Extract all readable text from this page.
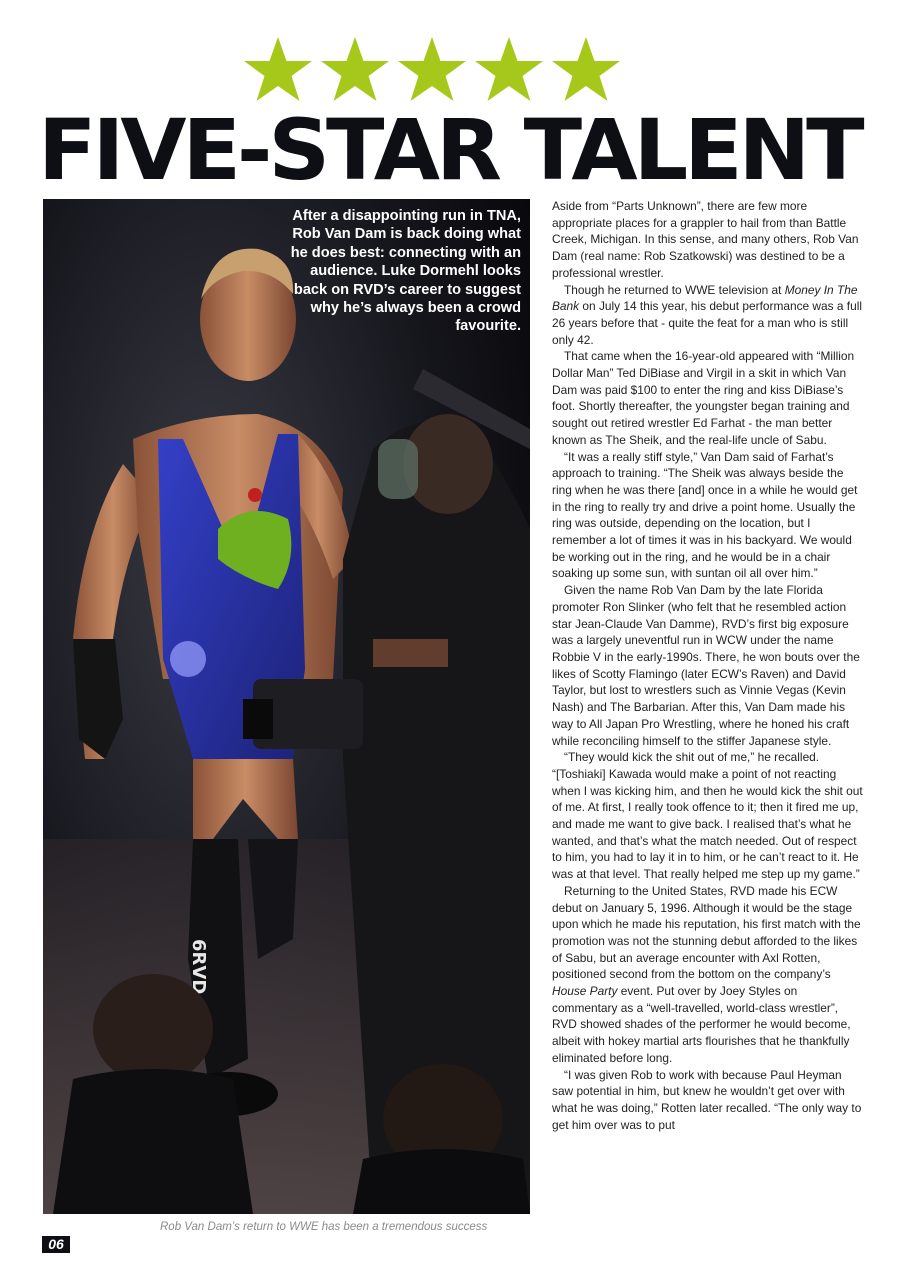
FIVE-STAR TALENT
6RVD

After a disappointing run in TNA, Rob Van Dam is back doing what he does best: connecting with an audience. Luke Dormehl looks back on RVD’s career to suggest why he’s always been a crowd favourite.

Rob Van Dam’s return to WWE has been a tremendous success

06

Aside from “Parts Unknown”, there are few more appropriate places for a grappler to hail from than Battle Creek, Michigan. In this sense, and many others, Rob Van Dam (real name: Rob Szatkowski) was destined to be a professional wrestler.

Though he returned to WWE television at Money In The Bank on July 14 this year, his debut performance was a full 26 years before that - quite the feat for a man who is still only 42.

That came when the 16-year-old appeared with “Million Dollar Man” Ted DiBiase and Virgil in a skit in which Van Dam was paid $100 to enter the ring and kiss DiBiase’s foot. Shortly thereafter, the youngster began training and sought out retired wrestler Ed Farhat - the man better known as The Sheik, and the real-life uncle of Sabu.

“It was a really stiff style,” Van Dam said of Farhat’s approach to training. “The Sheik was always beside the ring when he was there [and] once in a while he would get in the ring to really try and drive a point home. Usually the ring was outside, depending on the location, but I remember a lot of times it was in his backyard. We would be working out in the ring, and he would be in a chair soaking up some sun, with suntan oil all over him.”

Given the name Rob Van Dam by the late Florida promoter Ron Slinker (who felt that he resembled action star Jean-Claude Van Damme), RVD’s first big exposure was a largely uneventful run in WCW under the name Robbie V in the early-1990s. There, he won bouts over the likes of Scotty Flamingo (later ECW’s Raven) and David Taylor, but lost to wrestlers such as Vinnie Vegas (Kevin Nash) and The Barbarian. After this, Van Dam made his way to All Japan Pro Wrestling, where he honed his craft while reconciling himself to the stiffer Japanese style.

“They would kick the shit out of me,” he recalled. “[Toshiaki] Kawada would make a point of not reacting when I was kicking him, and then he would kick the shit out of me. At first, I really took offence to it; then it fired me up, and made me want to give back. I realised that’s what he wanted, and that’s what the match needed. Out of respect to him, you had to lay it in to him, or he can’t react to it. He was at that level. That really helped me step up my game.”

Returning to the United States, RVD made his ECW debut on January 5, 1996. Although it would be the stage upon which he made his reputation, his first match with the promotion was not the stunning debut afforded to the likes of Sabu, but an average encounter with Axl Rotten, positioned second from the bottom on the company’s House Party event. Put over by Joey Styles on commentary as a “well-travelled, world-class wrestler”, RVD showed shades of the performer he would become, albeit with hokey martial arts flourishes that he thankfully eliminated before long.

“I was given Rob to work with because Paul Heyman saw potential in him, but knew he wouldn’t get over with what he was doing,” Rotten later recalled. “The only way to get him over was to put
